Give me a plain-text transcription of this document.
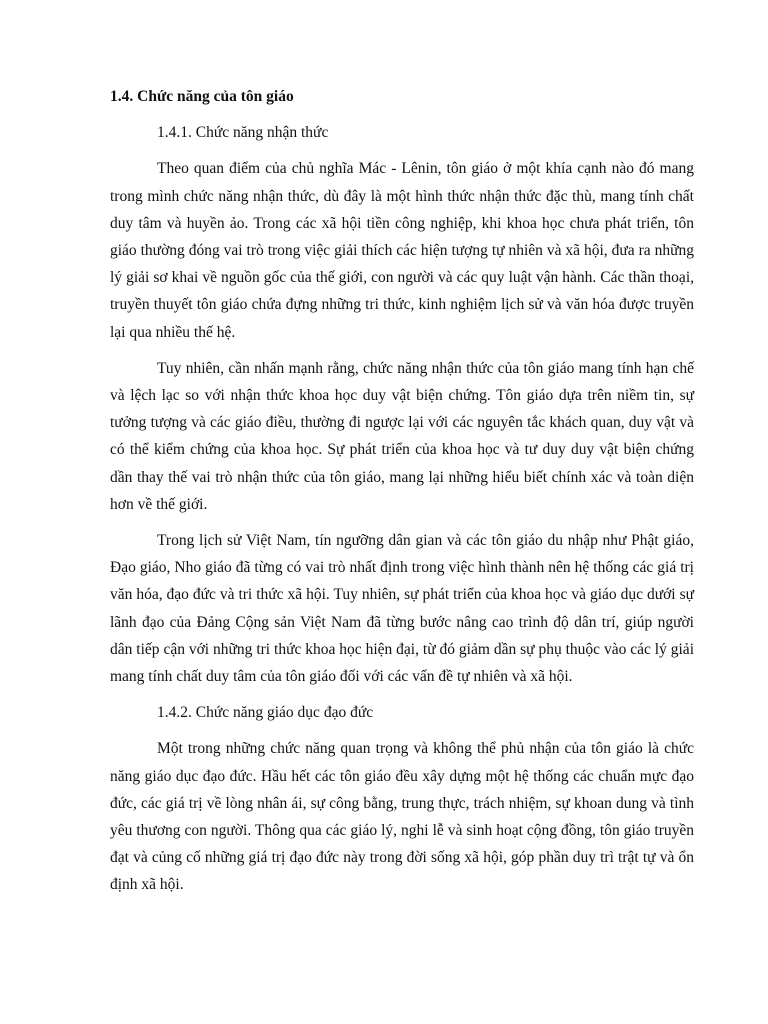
1.4. Chức năng của tôn giáo

1.4.1. Chức năng nhận thức

Theo quan điểm của chủ nghĩa Mác - Lênin, tôn giáo ở một khía cạnh nào đó mang trong mình chức năng nhận thức, dù đây là một hình thức nhận thức đặc thù, mang tính chất duy tâm và huyền ảo. Trong các xã hội tiền công nghiệp, khi khoa học chưa phát triển, tôn giáo thường đóng vai trò trong việc giải thích các hiện tượng tự nhiên và xã hội, đưa ra những lý giải sơ khai về nguồn gốc của thế giới, con người và các quy luật vận hành. Các thần thoại, truyền thuyết tôn giáo chứa đựng những tri thức, kinh nghiệm lịch sử và văn hóa được truyền lại qua nhiều thế hệ.

Tuy nhiên, cần nhấn mạnh rằng, chức năng nhận thức của tôn giáo mang tính hạn chế và lệch lạc so với nhận thức khoa học duy vật biện chứng. Tôn giáo dựa trên niềm tin, sự tưởng tượng và các giáo điều, thường đi ngược lại với các nguyên tắc khách quan, duy vật và có thể kiểm chứng của khoa học. Sự phát triển của khoa học và tư duy duy vật biện chứng dần thay thế vai trò nhận thức của tôn giáo, mang lại những hiểu biết chính xác và toàn diện hơn về thế giới.

Trong lịch sử Việt Nam, tín ngưỡng dân gian và các tôn giáo du nhập như Phật giáo, Đạo giáo, Nho giáo đã từng có vai trò nhất định trong việc hình thành nên hệ thống các giá trị văn hóa, đạo đức và tri thức xã hội. Tuy nhiên, sự phát triển của khoa học và giáo dục dưới sự lãnh đạo của Đảng Cộng sản Việt Nam đã từng bước nâng cao trình độ dân trí, giúp người dân tiếp cận với những tri thức khoa học hiện đại, từ đó giảm dần sự phụ thuộc vào các lý giải mang tính chất duy tâm của tôn giáo đối với các vấn đề tự nhiên và xã hội.

1.4.2. Chức năng giáo dục đạo đức

Một trong những chức năng quan trọng và không thể phủ nhận của tôn giáo là chức năng giáo dục đạo đức. Hầu hết các tôn giáo đều xây dựng một hệ thống các chuẩn mực đạo đức, các giá trị về lòng nhân ái, sự công bằng, trung thực, trách nhiệm, sự khoan dung và tình yêu thương con người. Thông qua các giáo lý, nghi lễ và sinh hoạt cộng đồng, tôn giáo truyền đạt và củng cố những giá trị đạo đức này trong đời sống xã hội, góp phần duy trì trật tự và ổn định xã hội.
